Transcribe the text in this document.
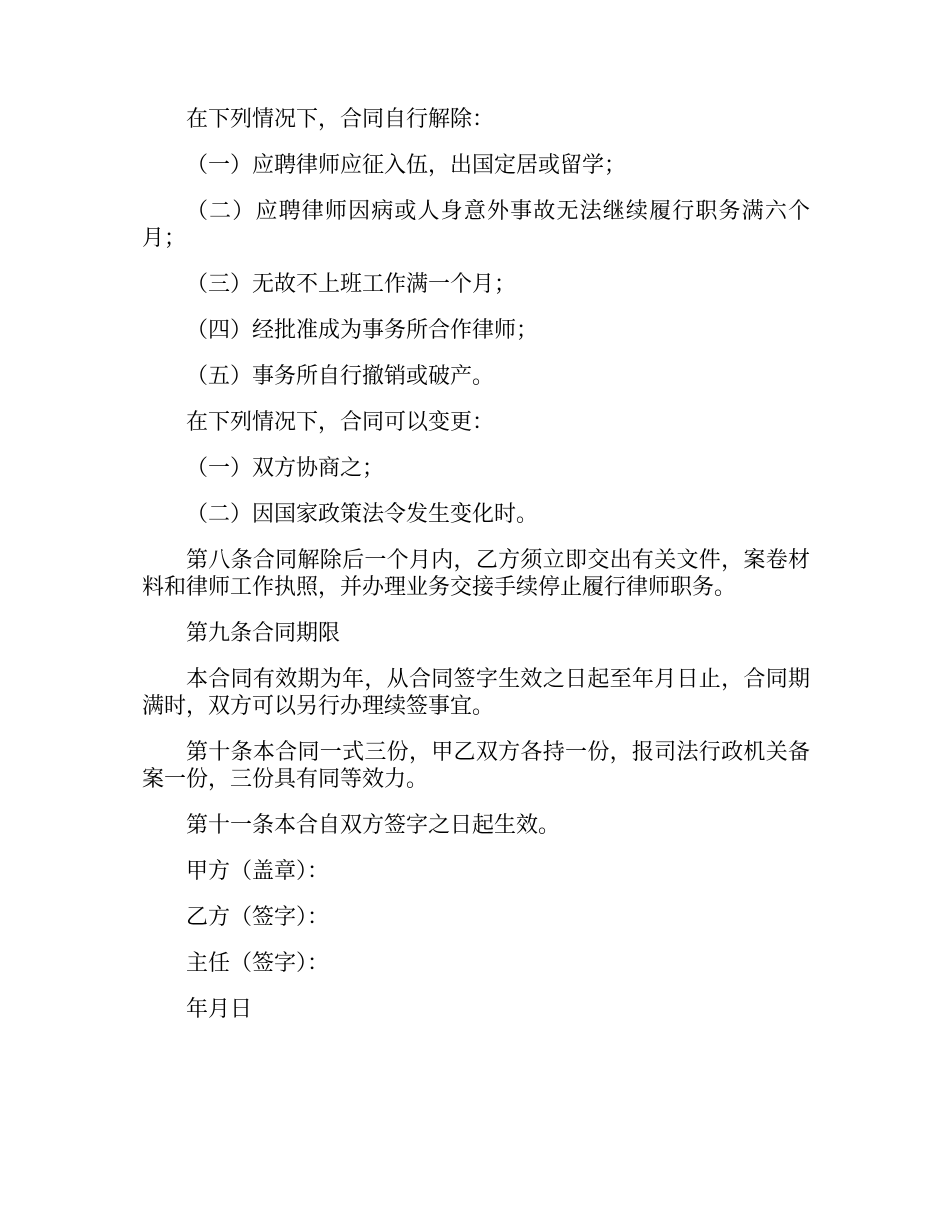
在下列情况下，合同自行解除：

（一）应聘律师应征入伍，出国定居或留学；

（二）应聘律师因病或人身意外事故无法继续履行职务满六个月；

（三）无故不上班工作满一个月；

（四）经批准成为事务所合作律师；

（五）事务所自行撤销或破产。

在下列情况下，合同可以变更：

（一）双方协商之；

（二）因国家政策法令发生变化时。

第八条合同解除后一个月内，乙方须立即交出有关文件，案卷材料和律师工作执照，并办理业务交接手续停止履行律师职务。

第九条合同期限

本合同有效期为年，从合同签字生效之日起至年月日止，合同期满时，双方可以另行办理续签事宜。

第十条本合同一式三份，甲乙双方各持一份，报司法行政机关备案一份，三份具有同等效力。

第十一条本合自双方签字之日起生效。

甲方（盖章）：

乙方（签字）：

主任（签字）：

年月日
